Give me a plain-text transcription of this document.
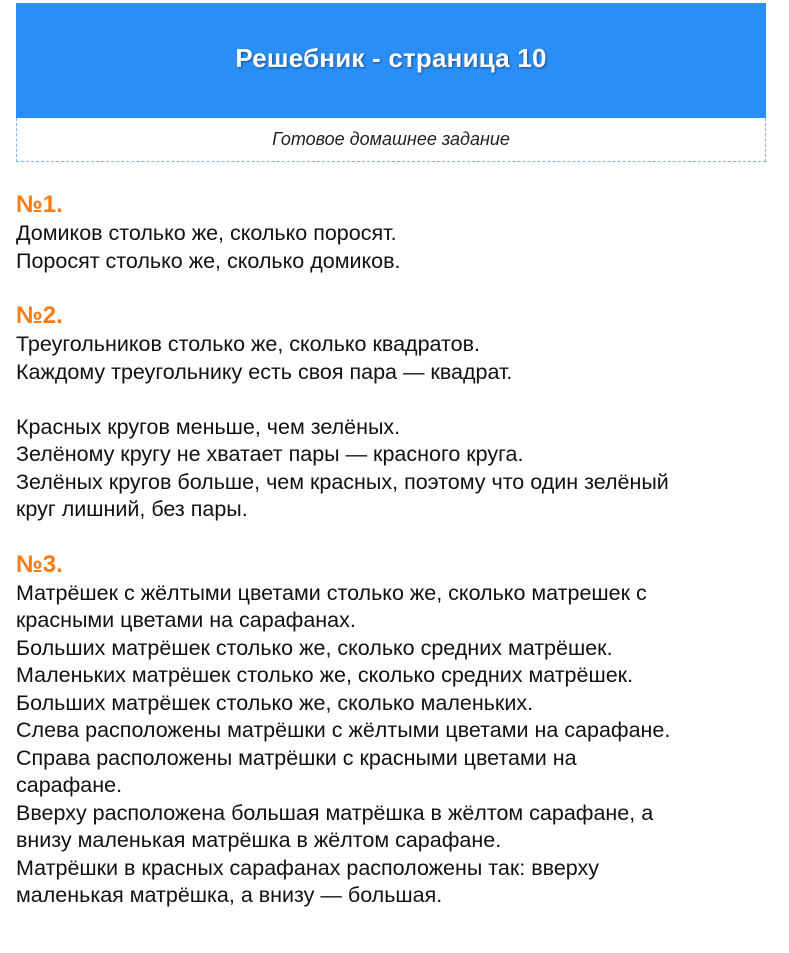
Решебник - страница 10
Готовое домашнее задание

№1.

Домиков столько же, сколько поросят.

Поросят столько же, сколько домиков.

№2.

Треугольников столько же, сколько квадратов.

Каждому треугольнику есть своя пара — квадрат.

Красных кругов меньше, чем зелёных.

Зелёному кругу не хватает пары — красного круга.

Зелёных кругов больше, чем красных, поэтому что один зелёный

круг лишний, без пары.

№3.

Матрёшек с жёлтыми цветами столько же, сколько матрешек с

красными цветами на сарафанах.

Больших матрёшек столько же, сколько средних матрёшек.

Маленьких матрёшек столько же, сколько средних матрёшек.

Больших матрёшек столько же, сколько маленьких.

Слева расположены матрёшки с жёлтыми цветами на сарафане.

Справа расположены матрёшки с красными цветами на

сарафане.

Вверху расположена большая матрёшка в жёлтом сарафане, а

внизу маленькая матрёшка в жёлтом сарафане.

Матрёшки в красных сарафанах расположены так: вверху

маленькая матрёшка, а внизу — большая.
